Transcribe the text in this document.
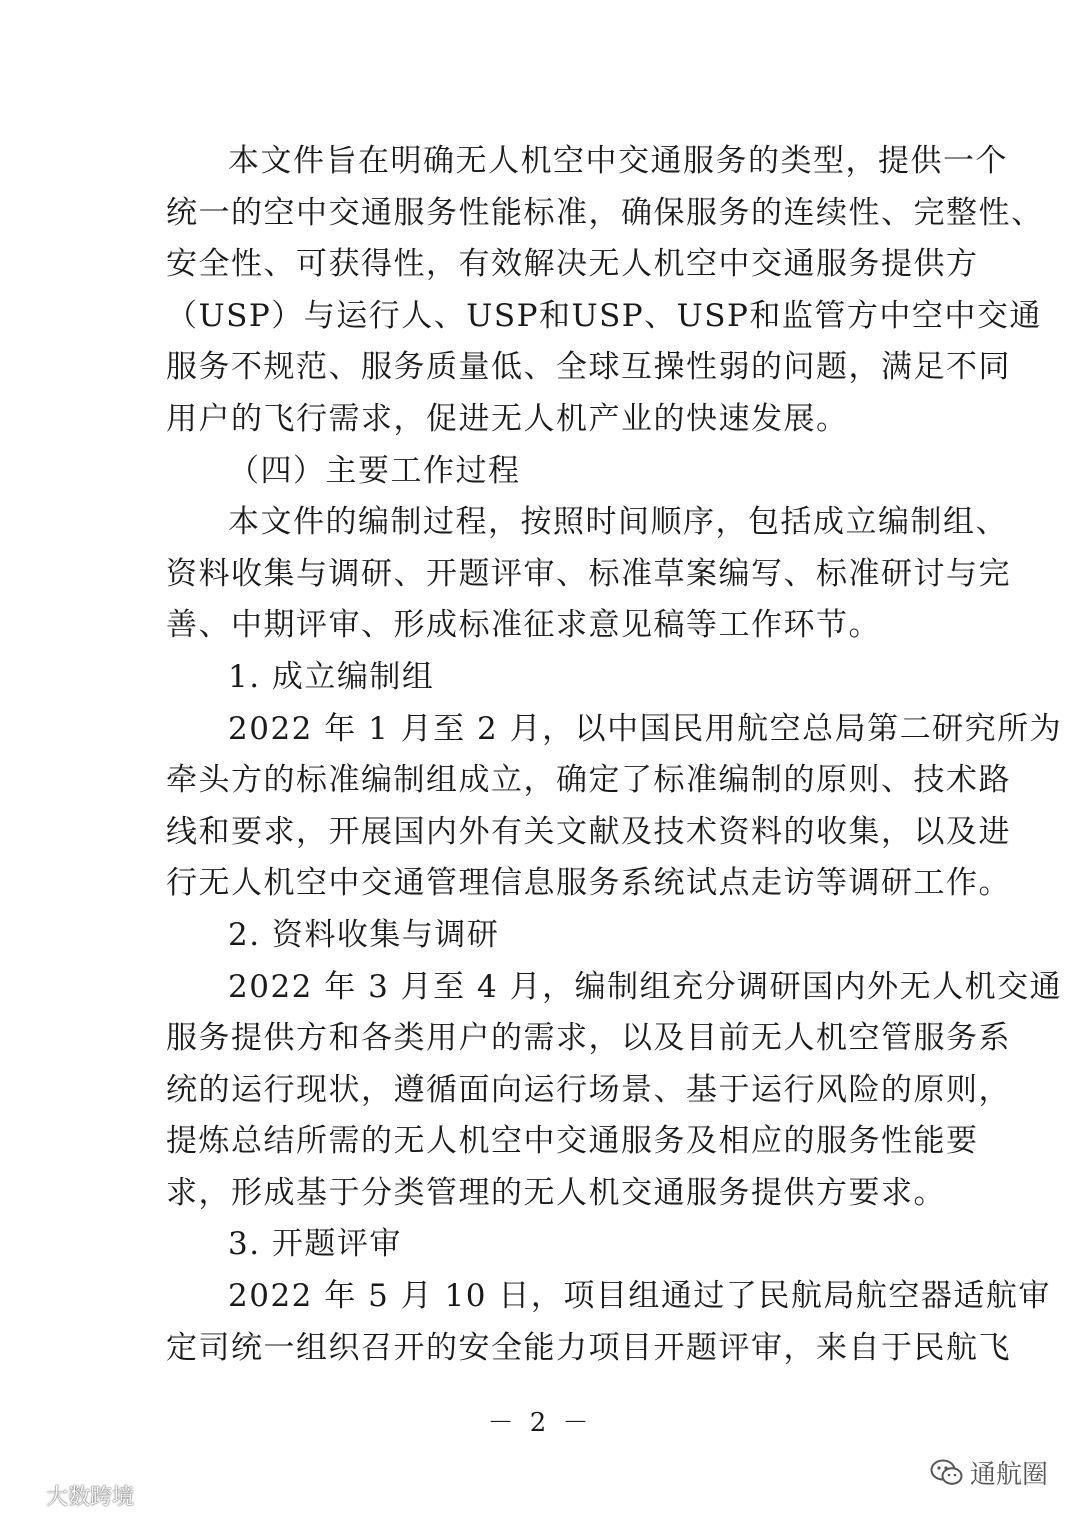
本文件旨在明确无人机空中交通服务的类型，提供一个
统一的空中交通服务性能标准，确保服务的连续性、完整性、
安全性、可获得性，有效解决无人机空中交通服务提供方
（USP）与运行人、USP和USP、USP和监管方中空中交通
服务不规范、服务质量低、全球互操性弱的问题，满足不同
用户的飞行需求，促进无人机产业的快速发展。

（四）主要工作过程

本文件的编制过程，按照时间顺序，包括成立编制组、
资料收集与调研、开题评审、标准草案编写、标准研讨与完
善、中期评审、形成标准征求意见稿等工作环节。

1. 成立编制组

2022 年 1 月至 2 月，以中国民用航空总局第二研究所为
牵头方的标准编制组成立，确定了标准编制的原则、技术路
线和要求，开展国内外有关文献及技术资料的收集，以及进
行无人机空中交通管理信息服务系统试点走访等调研工作。

2. 资料收集与调研

2022 年 3 月至 4 月，编制组充分调研国内外无人机交通
服务提供方和各类用户的需求，以及目前无人机空管服务系
统的运行现状，遵循面向运行场景、基于运行风险的原则，
提炼总结所需的无人机空中交通服务及相应的服务性能要
求，形成基于分类管理的无人机交通服务提供方要求。

3. 开题评审

2022 年 5 月 10 日，项目组通过了民航局航空器适航审
定司统一组织召开的安全能力项目开题评审，来自于民航飞

－ 2 －
大数跨境
通航圈
